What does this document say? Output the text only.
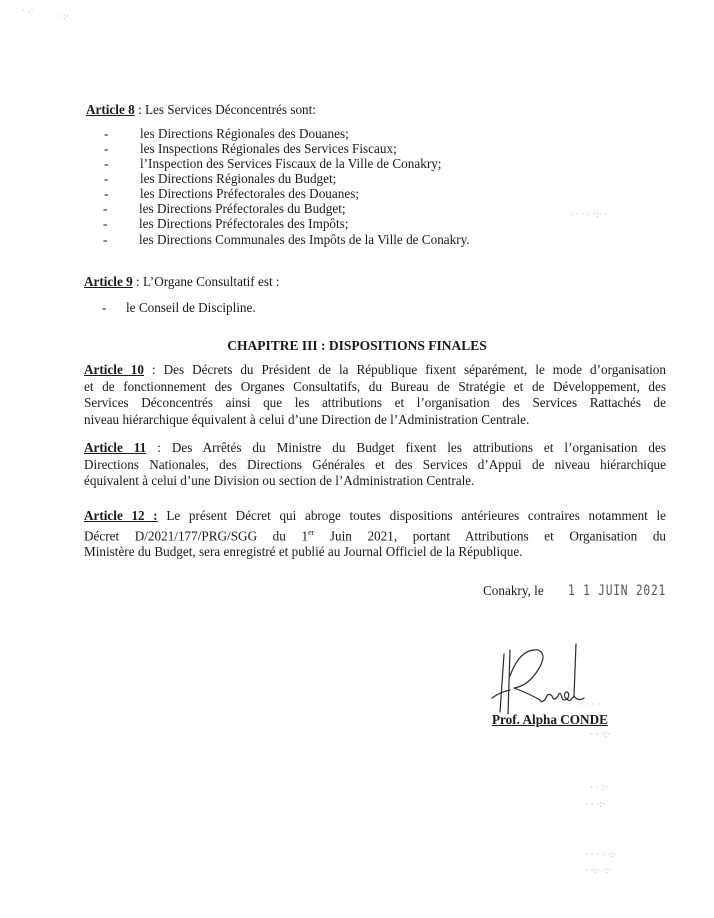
Article 8 : Les Services Déconcentrés sont:
- les Directions Régionales des Douanes;
- les Inspections Régionales des Services Fiscaux;
- l’Inspection des Services Fiscaux de la Ville de Conakry;
- les Directions Régionales du Budget;
- les Directions Préfectorales des Douanes;
- les Directions Préfectorales du Budget;
- les Directions Préfectorales des Impôts;
- les Directions Communales des Impôts de la Ville de Conakry.
Article 9 : L’Organe Consultatif est :
- le Conseil de Discipline.
CHAPITRE III : DISPOSITIONS FINALES
Article 10 : Des Décrets du Président de la République fixent séparément, le mode d’organisation
et de fonctionnement des Organes Consultatifs, du Bureau de Stratégie et de Développement, des
Services Déconcentrés ainsi que les attributions et l’organisation des Services Rattachés de
niveau hiérarchique équivalent à celui d’une Direction de l’Administration Centrale.
Article 11 : Des Arrêtés du Ministre du Budget fixent les attributions et l’organisation des
Directions Nationales, des Directions Générales et des Services d’Appui de niveau hiérarchique
équivalent à celui d’une Division ou section de l’Administration Centrale.
Article 12 : Le présent Décret qui abroge toutes dispositions antérieures contraires notamment le
Décret D/2021/177/PRG/SGG du 1er Juin 2021, portant Attributions et Organisation du
Ministère du Budget, sera enregistré et publié au Journal Officiel de la République.
Conakry, le 1 1 JUIN 2021
Prof. Alpha CONDE
· .·
·:·
· · · · ·:· ·
· · · ·
· · ·:·
· · :·
· · ·:·
· · · · ·:·
· ·:· ·:·
